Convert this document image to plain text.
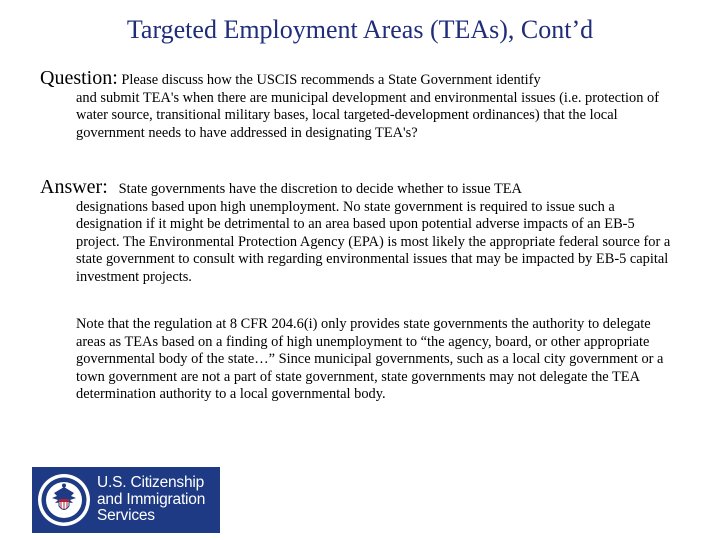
Targeted Employment Areas (TEAs), Cont’d
Question: Please discuss how the USCIS recommends a State Government identify
and submit TEA's when there are municipal development and environmental issues (i.e. protection of water source, transitional military bases, local targeted-development ordinances) that the local government needs to have addressed in designating TEA's?
Answer: State governments have the discretion to decide whether to issue TEA
designations based upon high unemployment. No state government is required to issue such a designation if it might be detrimental to an area based upon potential adverse impacts of an EB-5 project. The Environmental Protection Agency (EPA) is most likely the appropriate federal source for a state government to consult with regarding environmental issues that may be impacted by EB-5 capital investment projects.
Note that the regulation at 8 CFR 204.6(i) only provides state governments the authority to delegate areas as TEAs based on a finding of high unemployment to “the agency, board, or other appropriate governmental body of the state…” Since municipal governments, such as a local city government or a town government are not a part of state government, state governments may not delegate the TEA determination authority to a local governmental body.
U.S. Citizenship
and Immigration
Services
